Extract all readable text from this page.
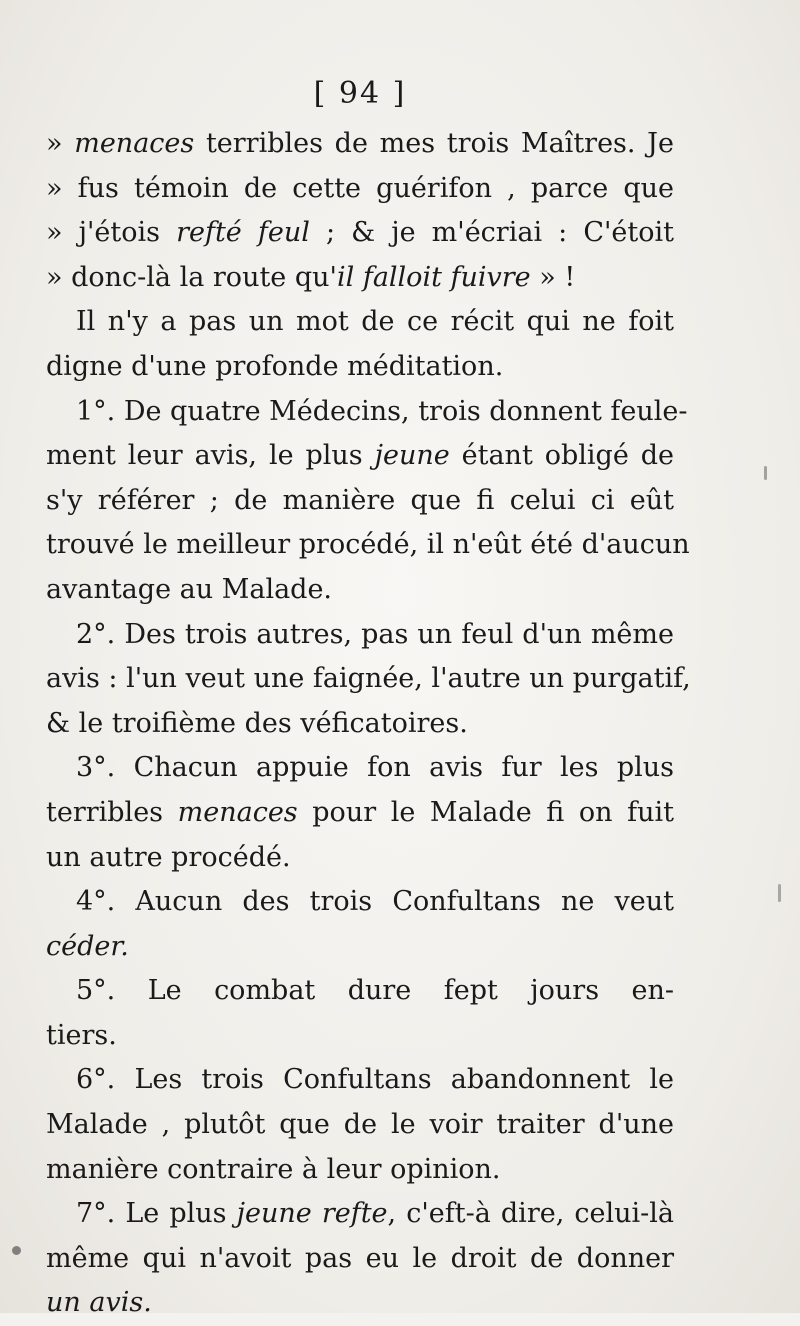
[ 94 ]
» menaces terribles de mes trois Maîtres. Je
» fus témoin de cette guérifon , parce que
» j'étois refté feul ; & je m'écriai : C'étoit
» donc-là la route qu'il falloit fuivre » !
Il n'y a pas un mot de ce récit qui ne foit
digne d'une profonde méditation.
1°. De quatre Médecins, trois donnent feule-
ment leur avis, le plus jeune étant obligé de
s'y référer ; de manière que fi celui ci eût
trouvé le meilleur procédé, il n'eût été d'aucun
avantage au Malade.
2°. Des trois autres, pas un feul d'un même
avis : l'un veut une faignée, l'autre un purgatif,
& le troifième des véficatoires.
3°. Chacun appuie fon avis fur les plus
terribles menaces pour le Malade fi on fuit
un autre procédé.
4°. Aucun des trois Confultans ne veut
céder.
5°. Le combat dure fept jours en-
tiers.
6°. Les trois Confultans abandonnent le
Malade , plutôt que de le voir traiter d'une
manière contraire à leur opinion.
7°. Le plus jeune refte, c'eft-à dire, celui-là
même qui n'avoit pas eu le droit de donner
un avis.
